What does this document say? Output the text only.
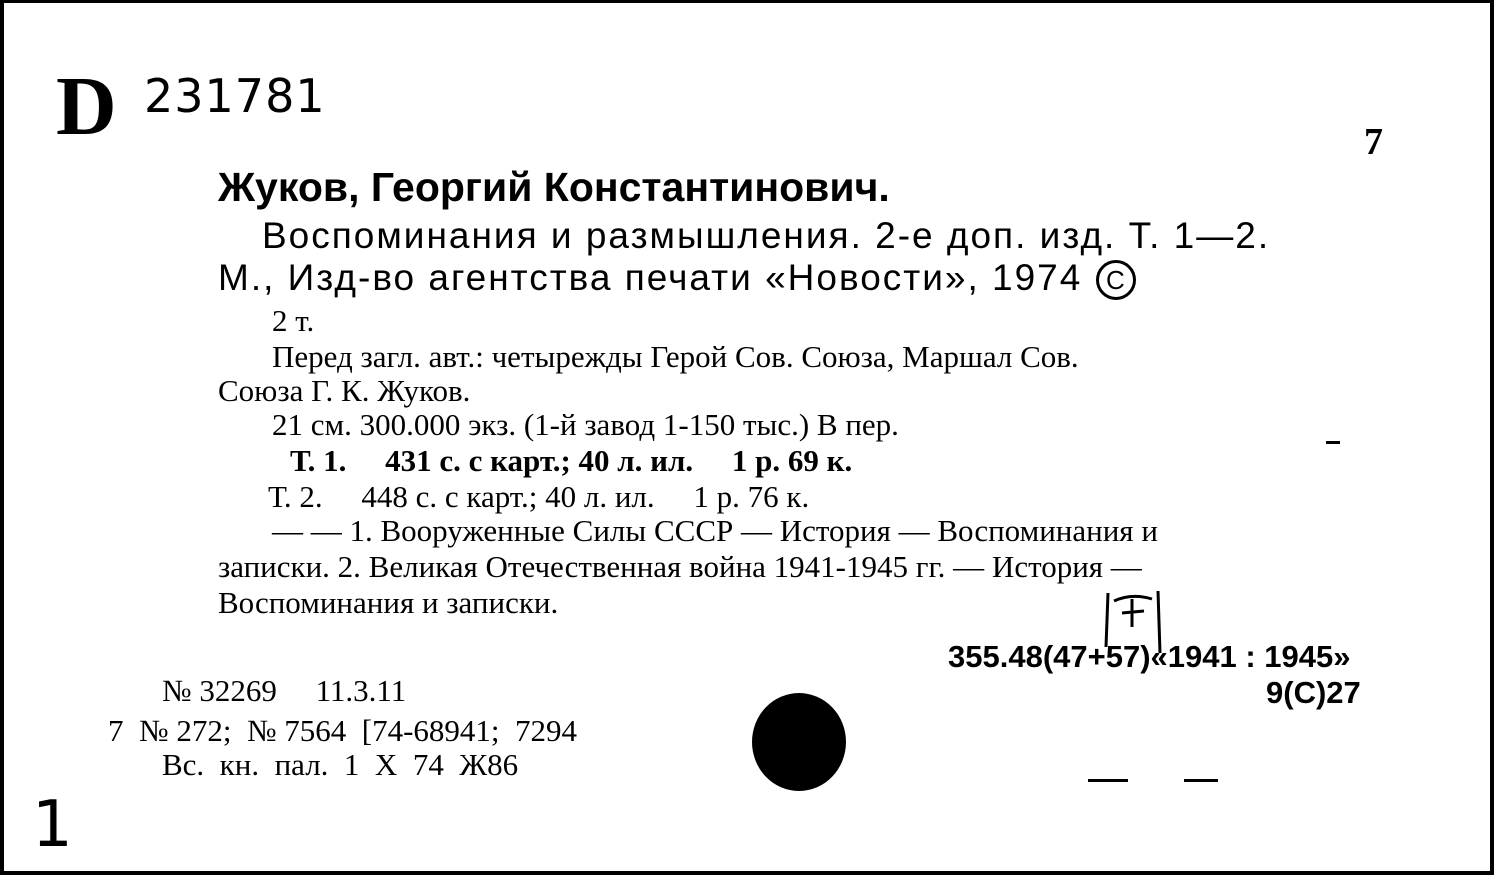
D 231781
7
Жуков, Георгий Константинович.
Воспоминания и размышления. 2-е доп. изд. Т. 1—2.
М., Изд-во агентства печати «Новости», 1974 C
2 т.
Перед загл. авт.: четырежды Герой Сов. Союза, Маршал Сов.
Союза Г. К. Жуков.
21 см. 300.000 экз. (1-й завод 1-150 тыс.) В пер.
Т. 1.     431 с. с карт.; 40 л. ил.     1 р. 69 к.
Т. 2.     448 с. с карт.; 40 л. ил.     1 р. 76 к.
— — 1. Вооруженные Силы СССР — История — Воспоминания и
записки. 2. Великая Отечественная война 1941-1945 гг. — История —
Воспоминания и записки.
355.48(47+57)«1941 : 1945»
9(С)27
№ 32269     11.3.11
7  № 272;  № 7564  [74-68941;  7294
Вс.  кн.  пал.  1  Х  74  Ж86
1
